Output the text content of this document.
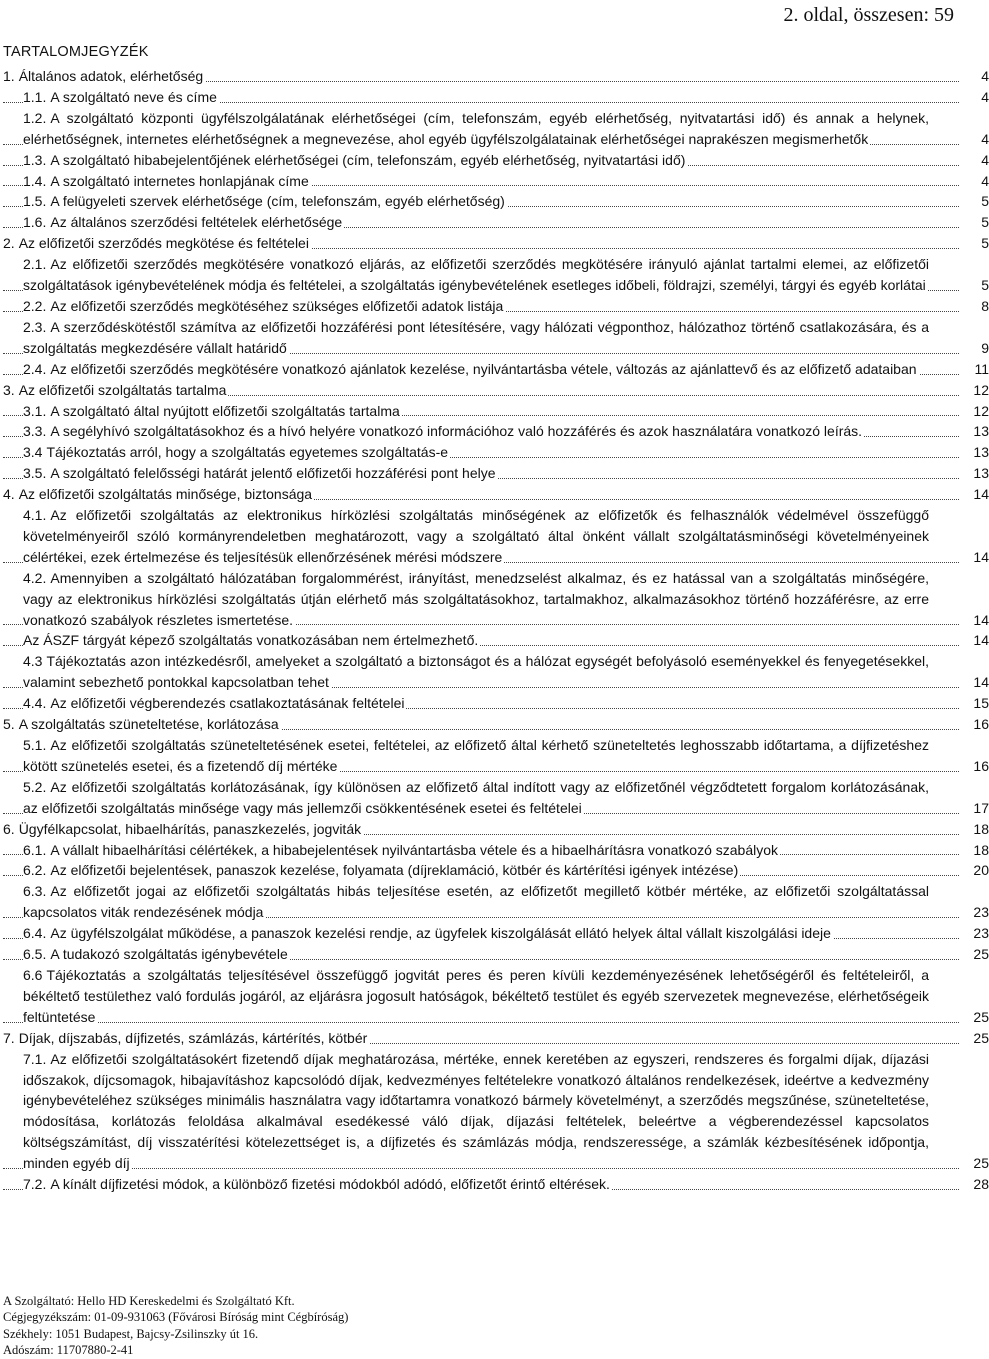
2. oldal, összesen: 59
TARTALOMJEGYZÉK
1. Általános adatok, elérhetőség	4
1.1. A szolgáltató neve és címe	4
1.2. A szolgáltató központi ügyfélszolgálatának elérhetőségei (cím, telefonszám, egyéb elérhetőség, nyitvatartási idő) és annak a helynek, elérhetőségnek, internetes elérhetőségnek a megnevezése, ahol egyéb ügyfélszolgálatainak elérhetőségei naprakészen megismerhetők	4
1.3. A szolgáltató hibabejelentőjének elérhetőségei (cím, telefonszám, egyéb elérhetőség, nyitvatartási idő)	4
1.4. A szolgáltató internetes honlapjának címe	4
1.5. A felügyeleti szervek elérhetősége (cím, telefonszám, egyéb elérhetőség)	5
1.6. Az általános szerződési feltételek elérhetősége	5
2. Az előfizetői szerződés megkötése és feltételei	5
2.1. Az előfizetői szerződés megkötésére vonatkozó eljárás, az előfizetői szerződés megkötésére irányuló ajánlat tartalmi elemei, az előfizetői szolgáltatások igénybevételének módja és feltételei, a szolgáltatás igénybevételének esetleges időbeli, földrajzi, személyi, tárgyi és egyéb korlátai	5
2.2. Az előfizetői szerződés megkötéséhez szükséges előfizetői adatok listája	8
2.3. A szerződéskötéstől számítva az előfizetői hozzáférési pont létesítésére, vagy hálózati végponthoz, hálózathoz történő csatlakozására, és a szolgáltatás megkezdésére vállalt határidő	9
2.4. Az előfizetői szerződés megkötésére vonatkozó ajánlatok kezelése, nyilvántartásba vétele, változás az ajánlattevő és az előfizető adataiban	11
3. Az előfizetői szolgáltatás tartalma	12
3.1. A szolgáltató által nyújtott előfizetői szolgáltatás tartalma	12
3.3. A segélyhívó szolgáltatásokhoz és a hívó helyére vonatkozó információhoz való hozzáférés és azok használatára vonatkozó leírás.	13
3.4 Tájékoztatás arról, hogy a szolgáltatás egyetemes szolgáltatás-e	13
3.5. A szolgáltató felelősségi határát jelentő előfizetői hozzáférési pont helye	13
4. Az előfizetői szolgáltatás minősége, biztonsága	14
4.1. Az előfizetői szolgáltatás az elektronikus hírközlési szolgáltatás minőségének az előfizetők és felhasználók védelmével összefüggő követelményeiről szóló kormányrendeletben meghatározott, vagy a szolgáltató által önként vállalt szolgáltatásminőségi követelményeinek célértékei, ezek értelmezése és teljesítésük ellenőrzésének mérési módszere	14
4.2. Amennyiben a szolgáltató hálózatában forgalommérést, irányítást, menedzselést alkalmaz, és ez hatással van a szolgáltatás minőségére, vagy az elektronikus hírközlési szolgáltatás útján elérhető más szolgáltatásokhoz, tartalmakhoz, alkalmazásokhoz történő hozzáférésre, az erre vonatkozó szabályok részletes ismertetése.	14
Az ÁSZF tárgyát képező szolgáltatás vonatkozásában nem értelmezhető.	14
4.3 Tájékoztatás azon intézkedésről, amelyeket a szolgáltató a biztonságot és a hálózat egységét befolyásoló eseményekkel és fenyegetésekkel, valamint sebezhető pontokkal kapcsolatban tehet	14
4.4. Az előfizetői végberendezés csatlakoztatásának feltételei	15
5. A szolgáltatás szüneteltetése, korlátozása	16
5.1. Az előfizetői szolgáltatás szüneteltetésének esetei, feltételei, az előfizető által kérhető szüneteltetés leghosszabb időtartama, a díjfizetéshez kötött szünetelés esetei, és a fizetendő díj mértéke	16
5.2. Az előfizetői szolgáltatás korlátozásának, így különösen az előfizető által indított vagy az előfizetőnél végződtetett forgalom korlátozásának, az előfizetői szolgáltatás minősége vagy más jellemzői csökkentésének esetei és feltételei	17
6. Ügyfélkapcsolat, hibaelhárítás, panaszkezelés, jogviták	18
6.1. A vállalt hibaelhárítási célértékek, a hibabejelentések nyilvántartásba vétele és a hibaelhárításra vonatkozó szabályok	18
6.2. Az előfizetői bejelentések, panaszok kezelése, folyamata (díjreklamáció, kötbér és kártérítési igények intézése)	20
6.3. Az előfizetőt jogai az előfizetői szolgáltatás hibás teljesítése esetén, az előfizetőt megillető kötbér mértéke, az előfizetői szolgáltatással kapcsolatos viták rendezésének módja	23
6.4. Az ügyfélszolgálat működése, a panaszok kezelési rendje, az ügyfelek kiszolgálását ellátó helyek által vállalt kiszolgálási ideje	23
6.5. A tudakozó szolgáltatás igénybevétele	25
6.6 Tájékoztatás a szolgáltatás teljesítésével összefüggő jogvitát peres és peren kívüli kezdeményezésének lehetőségéről és feltételeiről, a békéltető testülethez való fordulás jogáról, az eljárásra jogosult hatóságok, békéltető testület és egyéb szervezetek megnevezése, elérhetőségeik feltüntetése	25
7. Díjak, díjszabás, díjfizetés, számlázás, kártérítés, kötbér	25
7.1. Az előfizetői szolgáltatásokért fizetendő díjak meghatározása, mértéke, ennek keretében az egyszeri, rendszeres és forgalmi díjak, díjazási időszakok, díjcsomagok, hibajavításhoz kapcsolódó díjak, kedvezményes feltételekre vonatkozó általános rendelkezések, ideértve a kedvezmény igénybevételéhez szükséges minimális használatra vagy időtartamra vonatkozó bármely követelményt, a szerződés megszűnése, szüneteltetése, módosítása, korlátozás feloldása alkalmával esedékessé váló díjak, díjazási feltételek, beleértve a végberendezéssel kapcsolatos költségszámítást, díj visszatérítési kötelezettséget is, a díjfizetés és számlázás módja, rendszeressége, a számlák kézbesítésének időpontja, minden egyéb díj	25
7.2. A kínált díjfizetési módok, a különböző fizetési módokból adódó, előfizetőt érintő eltérések.	28
A Szolgáltató: Hello HD Kereskedelmi és Szolgáltató Kft.
Cégjegyzékszám: 01-09-931063 (Fővárosi Bíróság mint Cégbíróság)
Székhely: 1051 Budapest, Bajcsy-Zsilinszky út 16.
Adószám: 11707880-2-41
